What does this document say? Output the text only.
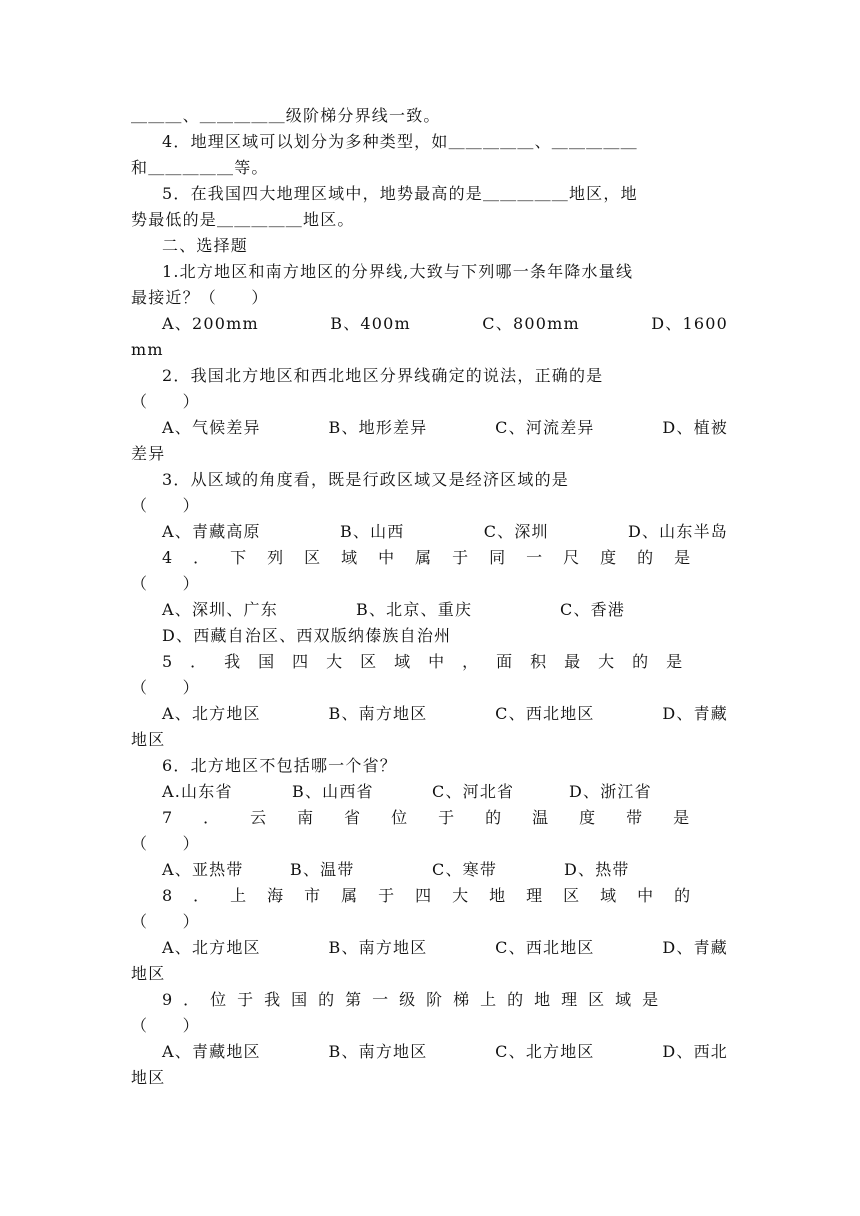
＿＿＿、＿＿＿＿＿级阶梯分界线一致。
4．地理区域可以划分为多种类型，如＿＿＿＿＿、＿＿＿＿＿
和＿＿＿＿＿等。
5．在我国四大地理区域中，地势最高的是＿＿＿＿＿地区，地
势最低的是＿＿＿＿＿地区。
二、选择题
1.北方地区和南方地区的分界线,大致与下列哪一条年降水量线
最接近？（　　）
A、200mm	B、400m	C、800mm	D、1600
mm
2．我国北方地区和西北地区分界线确定的说法，正确的是
（　　）
A、气候差异	B、地形差异	C、河流差异	D、植被
差异
3．从区域的角度看，既是行政区域又是经济区域的是
（　　）
A、青藏高原	B、山西	C、深圳	D、山东半岛
4．下列区域中属于同一尺度的是
（　　）
A、深圳、广东	B、北京、重庆	C、香港
D、西藏自治区、西双版纳傣族自治州
5．我国四大区域中，面积最大的是
（　　）
A、北方地区	B、南方地区	C、西北地区	D、青藏
地区
6．北方地区不包括哪一个省？
A.山东省	B、山西省	C、河北省	D、浙江省
7．云南省位于的温度带是
（　　）
A、亚热带	B、温带	C、寒带	D、热带
8．上海市属于四大地理区域中的
（　　）
A、北方地区	B、南方地区	C、西北地区	D、青藏
地区
9．位于我国的第一级阶梯上的地理区域是
（　　）
A、青藏地区	B、南方地区	C、北方地区	D、西北
地区
